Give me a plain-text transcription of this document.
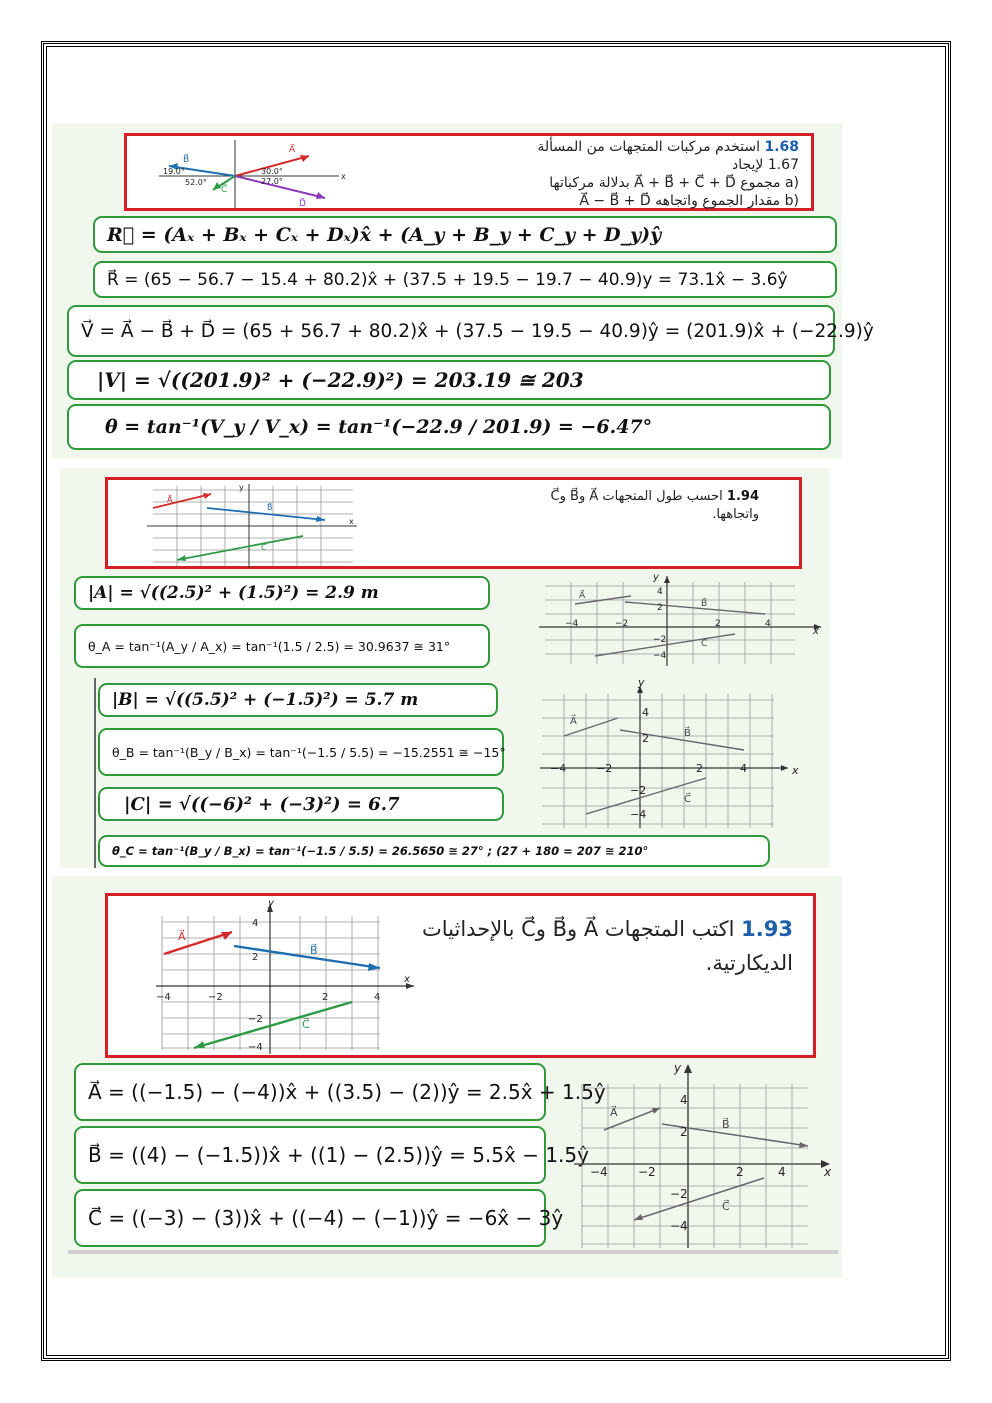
B⃗
A⃗
19.0°
52.0°
30.0°
27.0°
C⃗
D⃗
x
1.68 استخدم مركبات المتجهات من المسألة
1.67 لإيجاد
(a مجموع A⃗ + B⃗ + C⃗ + D⃗ بدلالة مركباتها
(b مقدار الجموع واتجاهه A⃗ − B⃗ + D⃗
R⃗ = (Aₓ + Bₓ + Cₓ + Dₓ)x̂ + (A_y + B_y + C_y + D_y)ŷ
R⃗ = (65 − 56.7 − 15.4 + 80.2)x̂ + (37.5 + 19.5 − 19.7 − 40.9)y = 73.1x̂ − 3.6ŷ
V⃗ = A⃗ − B⃗ + D⃗ = (65 + 56.7 + 80.2)x̂ + (37.5 − 19.5 − 40.9)ŷ = (201.9)x̂ + (−22.9)ŷ
|V| = √((201.9)² + (−22.9)²) = 203.19 ≅ 203
θ = tan⁻¹(V_y / V_x) = tan⁻¹(−22.9 / 201.9) = −6.47°
A⃗
B⃗
C⃗
y
x
1.94 احسب طول المتجهات A⃗ وB⃗ وC⃗
واتجاهها.
|A| = √((2.5)² + (1.5)²) = 2.9 m
θ_A = tan⁻¹(A_y / A_x) = tan⁻¹(1.5 / 2.5) = 30.9637 ≅ 31°
A⃗
B⃗
C⃗
−4	−2	2	4
4
2
−2
−4
x
y
|B| = √((5.5)² + (−1.5)²) = 5.7 m
θ_B = tan⁻¹(B_y / B_x) = tan⁻¹(−1.5 / 5.5) = −15.2551 ≅ −15°
|C| = √((−6)² + (−3)²) = 6.7
θ_C = tan⁻¹(B_y / B_x) = tan⁻¹(−1.5 / 5.5) = 26.5650 ≅ 27° ; (27 + 180 = 207 ≅ 210°
A⃗
B⃗
C⃗
−4	−2	2	4
4
2
−2
−4
x
y
A⃗
B⃗
C⃗
−4	−2	2	4
4
2
−2
−4
x
y
1.93 اكتب المتجهات A⃗ وB⃗ وC⃗ بالإحداثيات
الديكارتية.
A⃗ = ((−1.5) − (−4))x̂ + ((3.5) − (2))ŷ = 2.5x̂ + 1.5ŷ
B⃗ = ((4) − (−1.5))x̂ + ((1) − (2.5))ŷ = 5.5x̂ − 1.5ŷ
C⃗ = ((−3) − (3))x̂ + ((−4) − (−1))ŷ = −6x̂ − 3ŷ
A⃗
B⃗
C⃗
−4	−2	2	4
4
2
−2
−4
x
y
